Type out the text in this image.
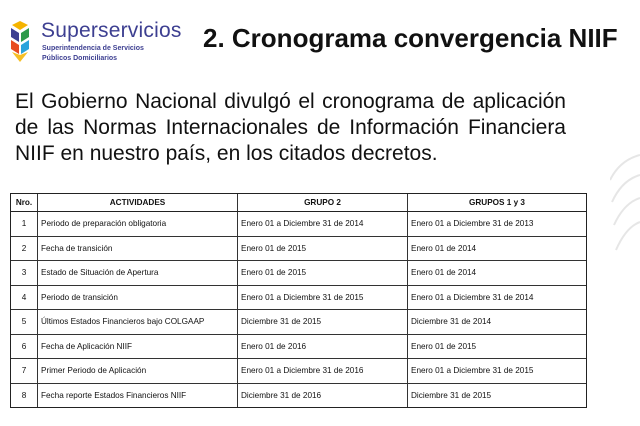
Superservicios
Superintendencia de Servicios
Públicos Domiciliarios
2. Cronograma convergencia NIIF
El Gobierno Nacional divulgó el cronograma de aplicación de las Normas Internacionales de Información Financiera NIIF en nuestro país, en los citados decretos.
Nro.	ACTIVIDADES	GRUPO 2	GRUPOS 1 y 3
1	Periodo de preparación obligatoria	Enero 01 a Diciembre 31 de 2014	Enero 01 a Diciembre 31 de 2013
2	Fecha de transición	Enero 01 de 2015	Enero 01 de 2014
3	Estado de Situación de Apertura	Enero 01 de 2015	Enero 01 de 2014
4	Periodo de transición	Enero 01 a Diciembre 31 de 2015	Enero 01 a Diciembre 31 de 2014
5	Últimos Estados Financieros bajo COLGAAP	Diciembre 31 de 2015	Diciembre 31 de 2014
6	Fecha de Aplicación NIIF	Enero 01 de 2016	Enero 01 de 2015
7	Primer Periodo de Aplicación	Enero 01 a Diciembre 31 de 2016	Enero 01 a Diciembre 31 de 2015
8	Fecha reporte Estados Financieros NIIF	Diciembre 31 de 2016	Diciembre 31 de 2015
